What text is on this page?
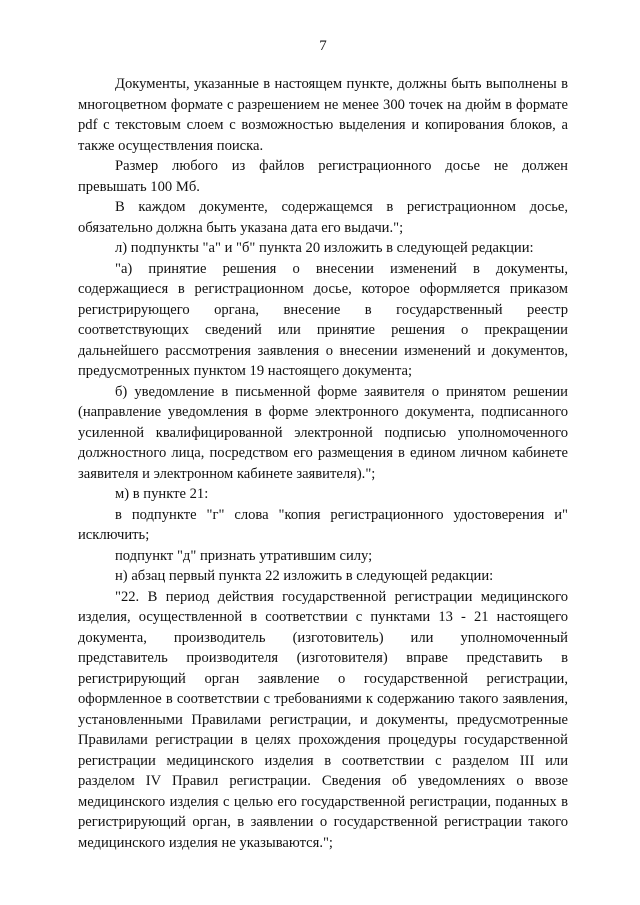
7

Документы, указанные в настоящем пункте, должны быть выполнены в многоцветном формате с разрешением не менее 300 точек на дюйм в формате pdf с текстовым слоем с возможностью выделения и копирования блоков, а также осуществления поиска.

Размер любого из файлов регистрационного досье не должен превышать 100 Мб.

В каждом документе, содержащемся в регистрационном досье, обязательно должна быть указана дата его выдачи.";

л) подпункты "а" и "б" пункта 20 изложить в следующей редакции:

"а) принятие решения о внесении изменений в документы, содержащиеся в регистрационном досье, которое оформляется приказом регистрирующего органа, внесение в государственный реестр соответствующих сведений или принятие решения о прекращении дальнейшего рассмотрения заявления о внесении изменений и документов, предусмотренных пунктом 19 настоящего документа;

б) уведомление в письменной форме заявителя о принятом решении (направление уведомления в форме электронного документа, подписанного усиленной квалифицированной электронной подписью уполномоченного должностного лица, посредством его размещения в едином личном кабинете заявителя и электронном кабинете заявителя).";

м) в пункте 21:

в подпункте "г" слова "копия регистрационного удостоверения и" исключить;

подпункт "д" признать утратившим силу;

н) абзац первый пункта 22 изложить в следующей редакции:

"22. В период действия государственной регистрации медицинского изделия, осуществленной в соответствии с пунктами 13 - 21 настоящего документа, производитель (изготовитель) или уполномоченный представитель производителя (изготовителя) вправе представить в регистрирующий орган заявление о государственной регистрации, оформленное в соответствии с требованиями к содержанию такого заявления, установленными Правилами регистрации, и документы, предусмотренные Правилами регистрации в целях прохождения процедуры государственной регистрации медицинского изделия в соответствии с разделом III или разделом IV Правил регистрации. Сведения об уведомлениях о ввозе медицинского изделия с целью его государственной регистрации, поданных в регистрирующий орган, в заявлении о государственной регистрации такого медицинского изделия не указываются.";
